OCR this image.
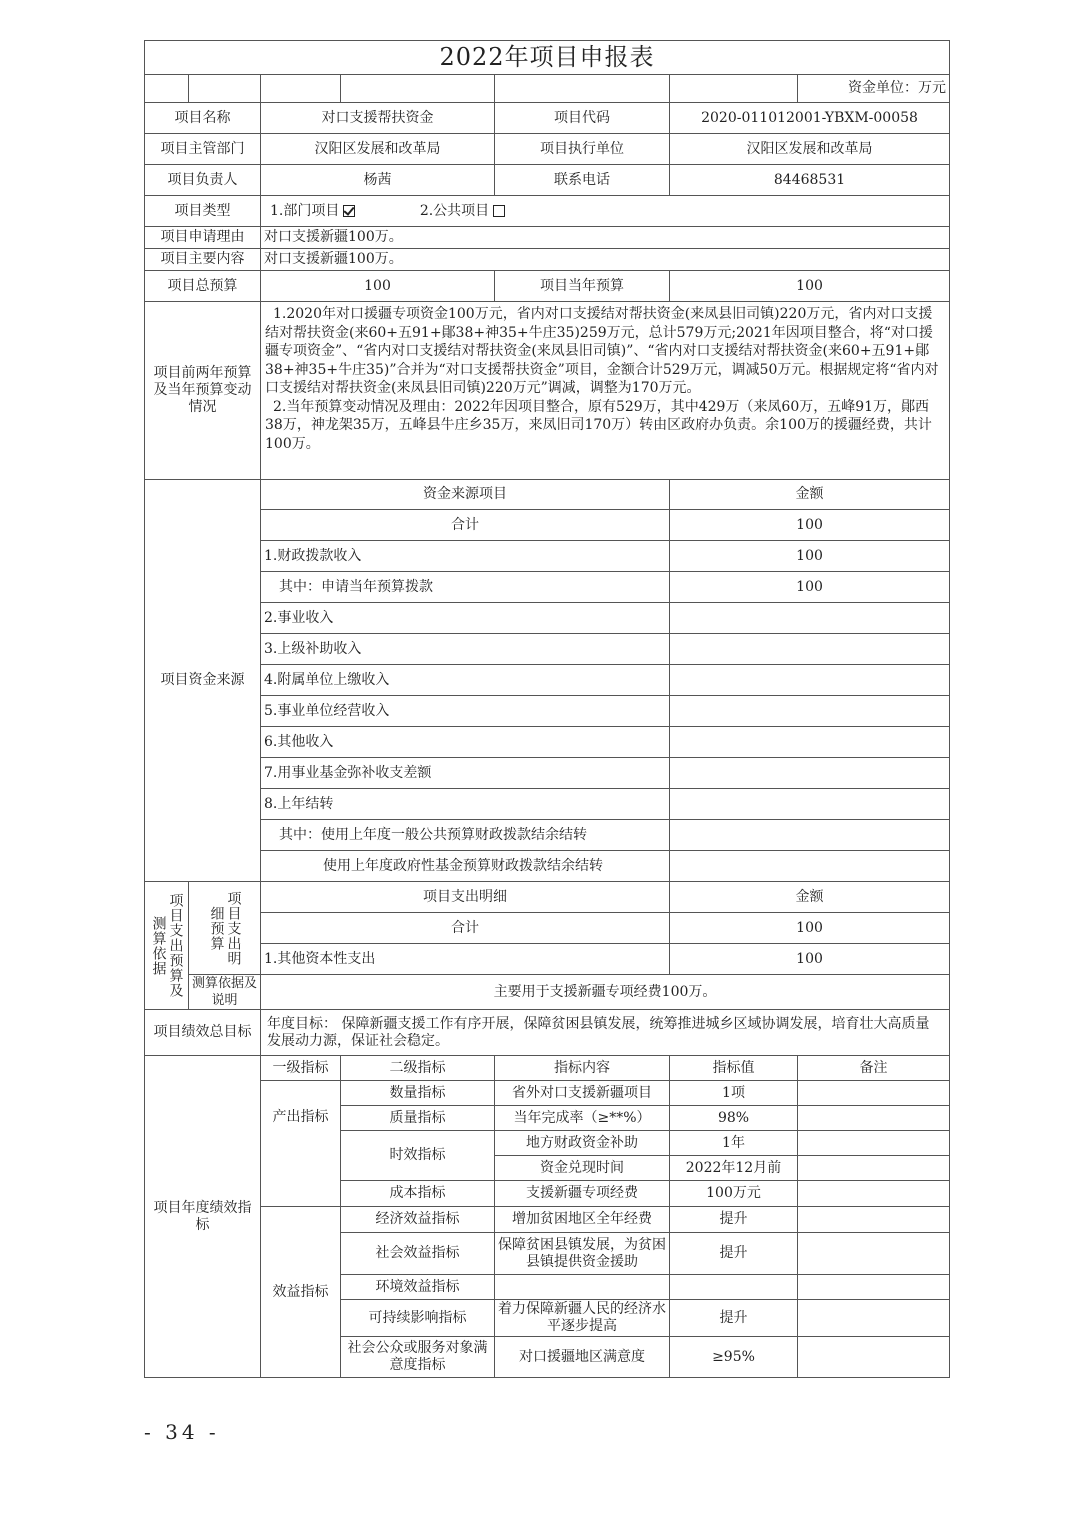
2022年项目申报表						
						资金单位：万元
项目名称		对口支援帮扶资金		项目代码	2020-011012001-YBXM-00058	
项目主管部门		汉阳区发展和改革局		项目执行单位	汉阳区发展和改革局	
项目负责人		杨茜		联系电话	84468531	
项目类型		1.部门项目 2.公共项目				
项目申请理由		对口支援新疆100万。				
项目主要内容		对口支援新疆100万。				
项目总预算		100		项目当年预算	100	
项目前两年预算及当年预算变动情况		1.2020年对口援疆专项资金100万元，省内对口支援结对帮扶资金(来凤县旧司镇)220万元，省内对口支援结对帮扶资金(来60+五91+鄖38+神35+牛庄35)259万元，总计579万元;2021年因项目整合，将“对口援疆专项资金”、“省内对口支援结对帮扶资金(来凤县旧司镇)”、“省内对口支援结对帮扶资金(来60+五91+鄖38+神35+牛庄35)”合并为“对口支援帮扶资金”项目，金额合计529万元，调减50万元。根据规定将“省内对口支援结对帮扶资金(来凤县旧司镇)220万元”调减，调整为170万元。

2.当年预算变动情况及理由：2022年因项目整合，原有529万，其中429万（来凤60万，五峰91万，鄖西38万，神龙架35万，五峰县牛庄乡35万，来凤旧司170万）转由区政府办负责。余100万的援疆经费，共计100万。				

项目资金来源		资金来源项目			金额	
		合计			100	
		1.财政拨款收入			100	
		其中：申请当年预算拨款			100	
		2.事业收入				
		3.上级补助收入				
		4.附属单位上缴收入				
		5.事业单位经营收入				
		6.其他收入				
		7.用事业基金弥补收支差额				
		8.上年结转				
		其中：使用上年度一般公共预算财政拨款结余结转				
		使用上年度政府性基金预算财政拨款结余结转				

项目支出预算及测算依据	项目支出明细预算	项目支出明细			金额	
		合计			100	
		1.其他资本性支出			100	
	测算依据及说明	主要用于支援新疆专项经费100万。				
项目绩效总目标		年度目标： 保障新疆支援工作有序开展，保障贫困县镇发展，统筹推进城乡区域协调发展，培育壮大高质量发展动力源，保证社会稳定。				
项目年度绩效指标	一级指标	二级指标	指标内容	指标值	备注
	产出指标	数量指标	省外对口支援新疆项目	1项	
		质量指标	当年完成率（≥**%）	98%	
		时效指标	地方财政资金补助	1年	
			资金兑现时间	2022年12月前	
		成本指标	支援新疆专项经费	100万元	
	效益指标	经济效益指标	增加贫困地区全年经费	提升	
		社会效益指标	保障贫困县镇发展，为贫困县镇提供资金援助	提升	
		环境效益指标			
		可持续影响指标	着力保障新疆人民的经济水平逐步提高	提升	
		社会公众或服务对象满意度指标	对口援疆地区满意度	≥95%	
- 34 -
